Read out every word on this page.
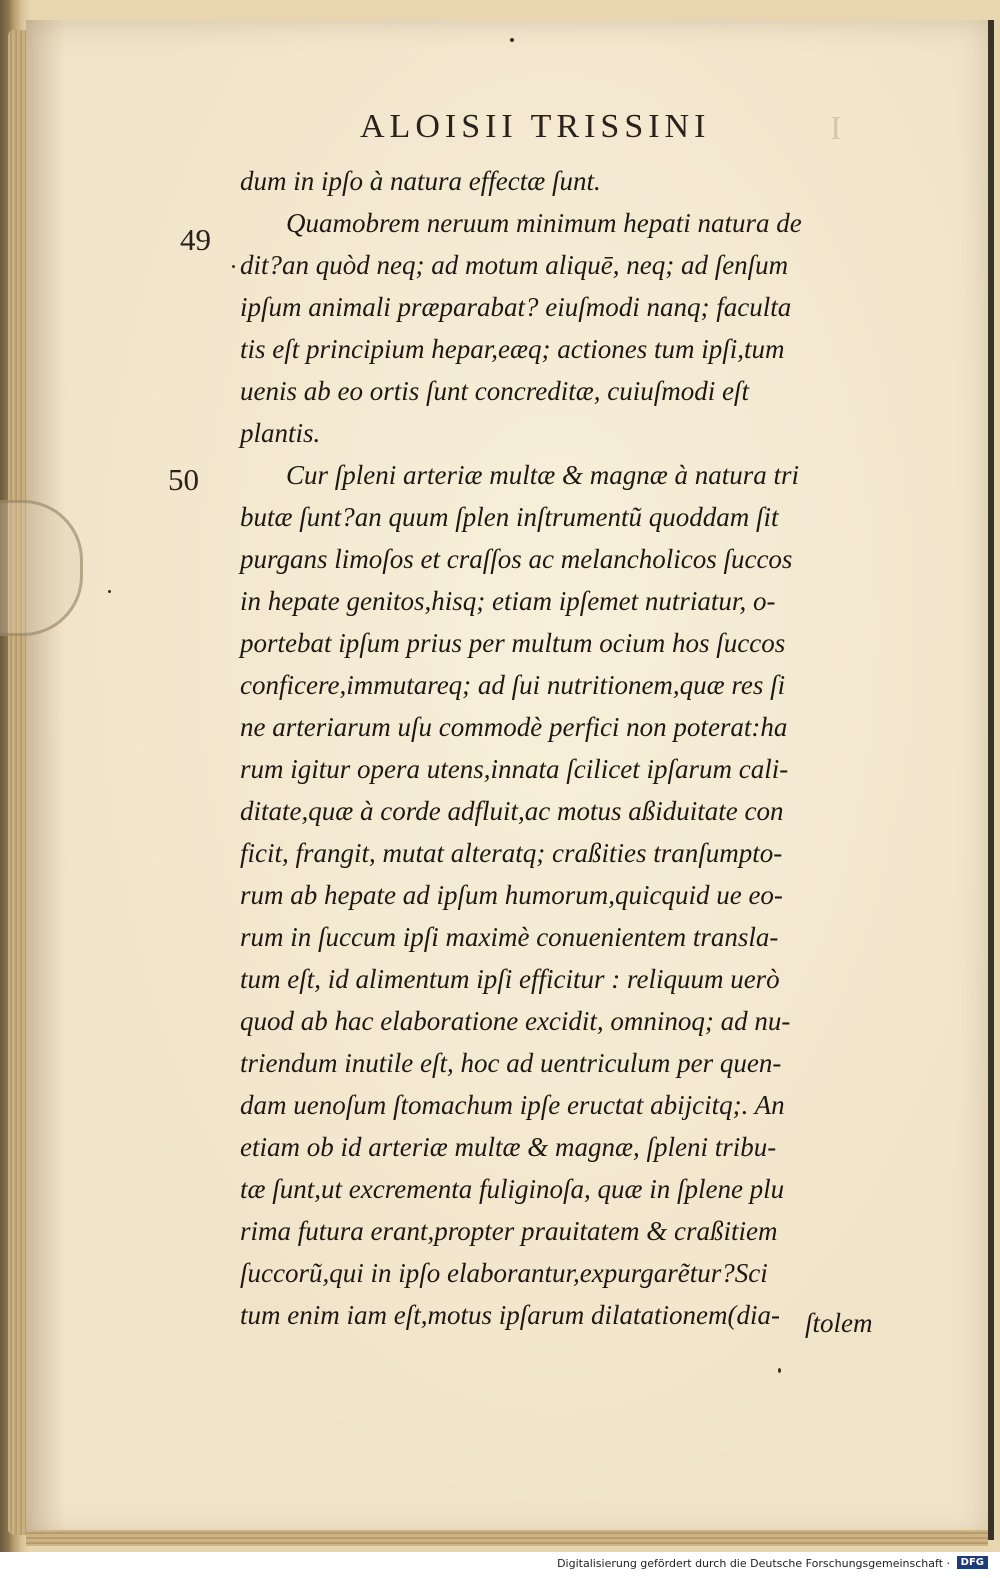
ALOISII TRISSINI	I
49
50
dum in ipſo à natura effectæ ſunt.
Quamobrem neruum minimum hepati natura de
dit?an quòd neq; ad motum aliquē, neq; ad ſenſum
ipſum animali præparabat? eiuſmodi nanq; faculta
tis eſt principium hepar,eæq; actiones tum ipſi,tum
uenis ab eo ortis ſunt concreditæ, cuiuſmodi eſt
plantis.
Cur ſpleni arteriæ multæ & magnæ à natura tri
butæ ſunt?an quum ſplen inſtrumentũ quoddam ſit
purgans limoſos et craſſos ac melancholicos ſuccos
in hepate genitos,hisq; etiam ipſemet nutriatur, o-
portebat ipſum prius per multum ocium hos ſuccos
conficere,immutareq; ad ſui nutritionem,quæ res ſi
ne arteriarum uſu commodè perfici non poterat:ha
rum igitur opera utens,innata ſcilicet ipſarum cali-
ditate,quæ à corde adfluit,ac motus aßiduitate con
ficit, frangit, mutat alteratq; craßities tranſumpto-
rum ab hepate ad ipſum humorum,quicquid ue eo-
rum in ſuccum ipſi maximè conuenientem transla-
tum eſt, id alimentum ipſi efficitur : reliquum uerò
quod ab hac elaboratione excidit, omninoq; ad nu-
triendum inutile eſt, hoc ad uentriculum per quen-
dam uenoſum ſtomachum ipſe eructat abijcitq;. An
etiam ob id arteriæ multæ & magnæ, ſpleni tribu-
tæ ſunt,ut excrementa fuliginoſa, quæ in ſplene plu
rima futura erant,propter prauitatem & craßitiem
ſuccorũ,qui in ipſo elaborantur,expurgarẽtur?Sci
tum enim iam eſt,motus ipſarum dilatationem(dia- ſtolem
Digitalisierung gefördert durch die Deutsche Forschungsgemeinschaft ·	DFG
